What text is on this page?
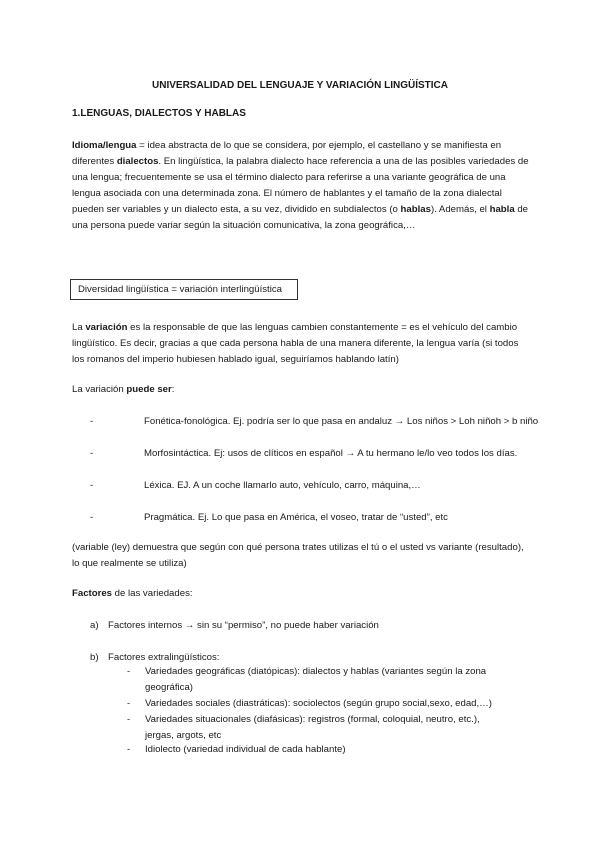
UNIVERSALIDAD DEL LENGUAJE Y VARIACIÓN LINGÜÍSTICA
1.LENGUAS, DIALECTOS Y HABLAS

Idioma/lengua = idea abstracta de lo que se considera, por ejemplo, el castellano y se manifiesta en diferentes dialectos. En lingüística, la palabra dialecto hace referencia a una de las posibles variedades de una lengua; frecuentemente se usa el término dialecto para referirse a una variante geográfica de una lengua asociada con una determinada zona. El número de hablantes y el tamaño de la zona dialectal pueden ser variables y un dialecto esta, a su vez, dividido en subdialectos (o hablas). Además, el habla de una persona puede variar según la situación comunicativa, la zona geográfica,…

Diversidad lingüística = variación interlingüística

La variación es la responsable de que las lenguas cambien constantemente = es el vehículo del cambio lingüístico. Es decir, gracias a que cada persona habla de una manera diferente, la lengua varía (si todos los romanos del imperio hubiesen hablado igual, seguiríamos hablando latín)

La variación puede ser:

-	Fonética-fonológica. Ej. podría ser lo que pasa en andaluz → Los niños > Loh niñoh > b niño
-	Morfosintáctica. Ej: usos de clíticos en español → A tu hermano le/lo veo todos los días.
-	Léxica. EJ. A un coche llamarlo auto, vehículo, carro, máquina,…
-	Pragmática. Ej. Lo que pasa en América, el voseo, tratar de “usted”, etc

(variable (ley) demuestra que según con qué persona trates utilizas el tú o el usted vs variante (resultado), lo que realmente se utiliza)

Factores de las variedades:

a) Factores internos → sin su “permiso”, no puede haber variación
b) Factores extralingüísticos:
- Variedades geográficas (diatópicas): dialectos y hablas (variantes según la zona geográfica)
- Variedades sociales (diastráticas): sociolectos (según grupo social,sexo, edad,…)
- Variedades situacionales (diafásicas): registros (formal, coloquial, neutro, etc.), jergas, argots, etc
- Idiolecto (variedad individual de cada hablante)
